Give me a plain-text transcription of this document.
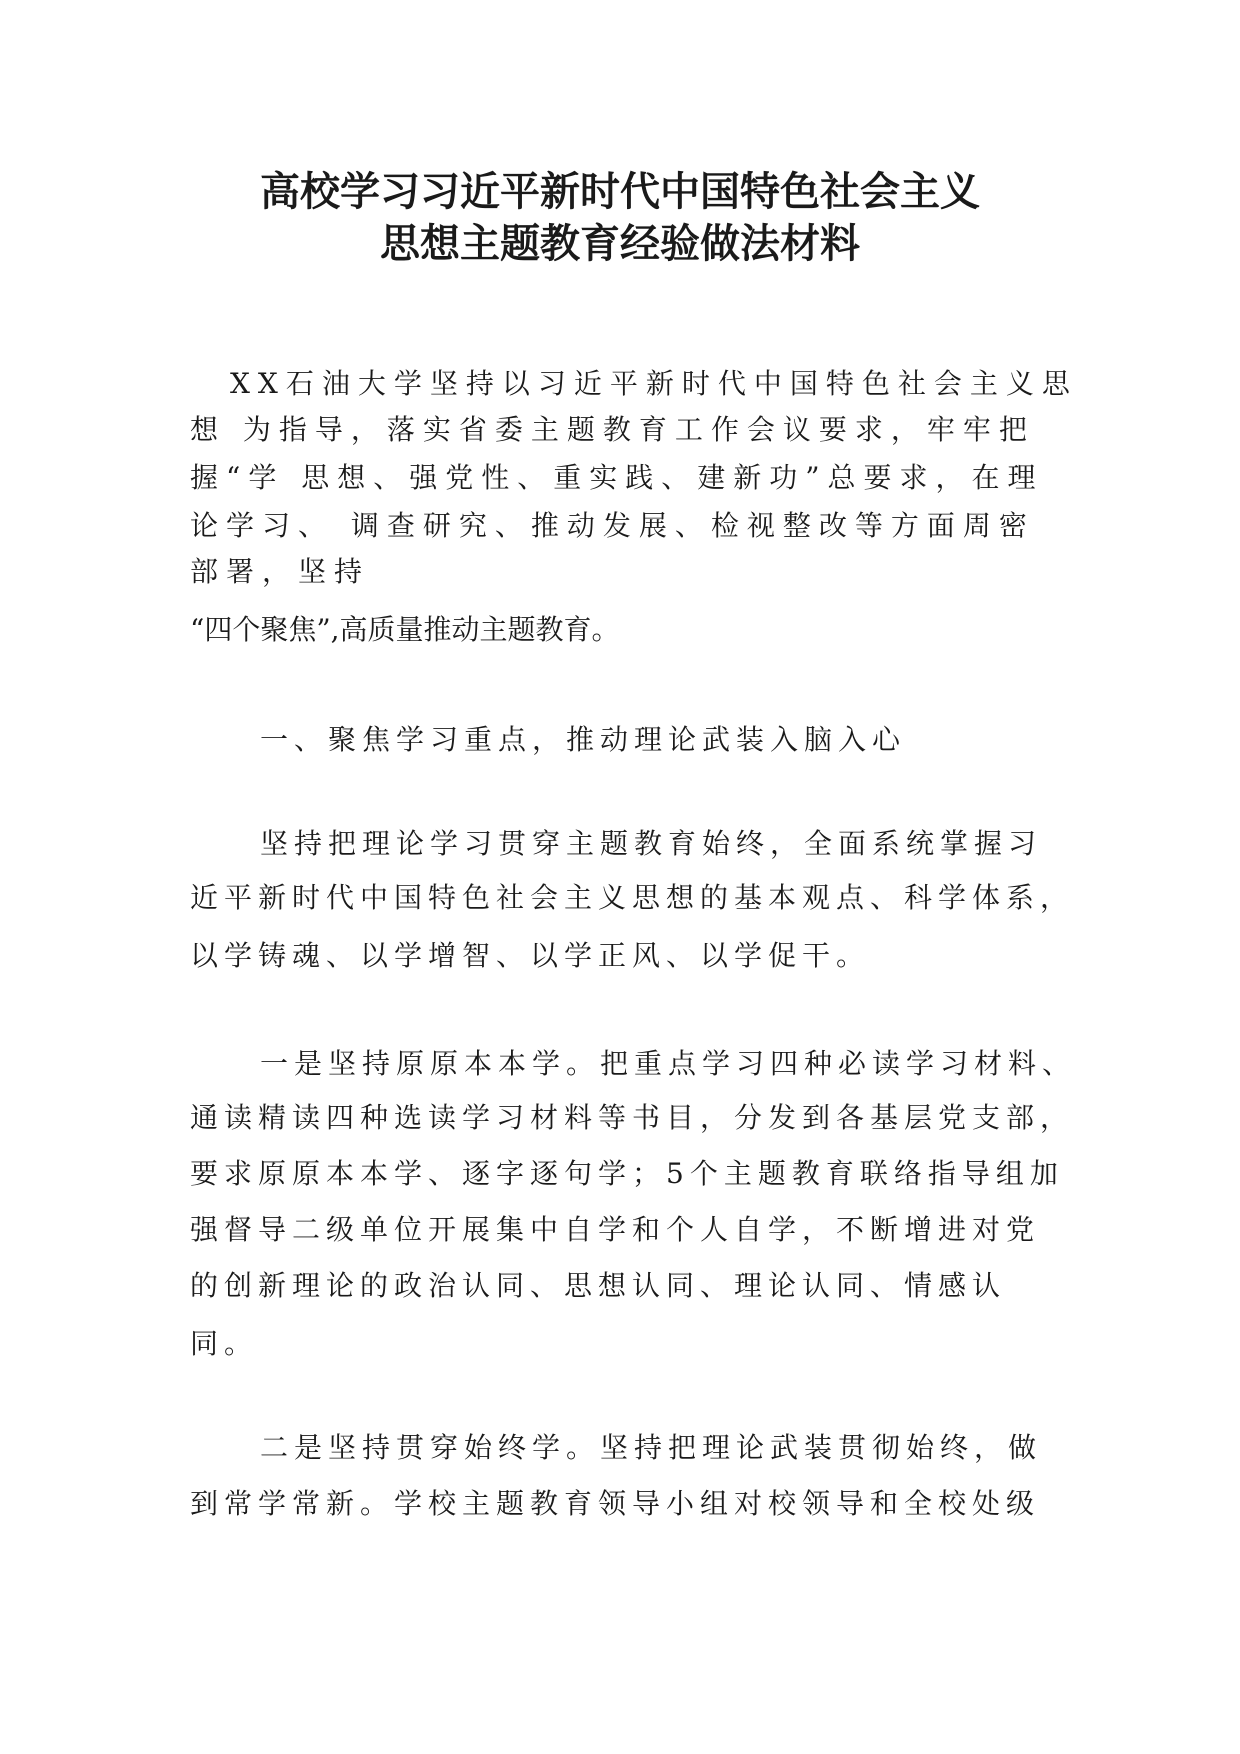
高校学习习近平新时代中国特色社会主义
思想主题教育经验做法材料
XX石油大学坚持以习近平新时代中国特色社会主义思
想 为指导，落实省委主题教育工作会议要求，牢牢把
握“学 思想、强党性、重实践、建新功”总要求，在理
论学习、 调查研究、推动发展、检视整改等方面周密
部署，坚持
“四个聚焦”,高质量推动主题教育。
一、聚焦学习重点，推动理论武装入脑入心
坚持把理论学习贯穿主题教育始终，全面系统掌握习
近平新时代中国特色社会主义思想的基本观点、科学体系，
以学铸魂、以学增智、以学正风、以学促干。
一是坚持原原本本学。把重点学习四种必读学习材料、
通读精读四种选读学习材料等书目，分发到各基层党支部，
要求原原本本学、逐字逐句学；5个主题教育联络指导组加
强督导二级单位开展集中自学和个人自学，不断增进对党
的创新理论的政治认同、思想认同、理论认同、情感认
同。
二是坚持贯穿始终学。坚持把理论武装贯彻始终，做
到常学常新。学校主题教育领导小组对校领导和全校处级
